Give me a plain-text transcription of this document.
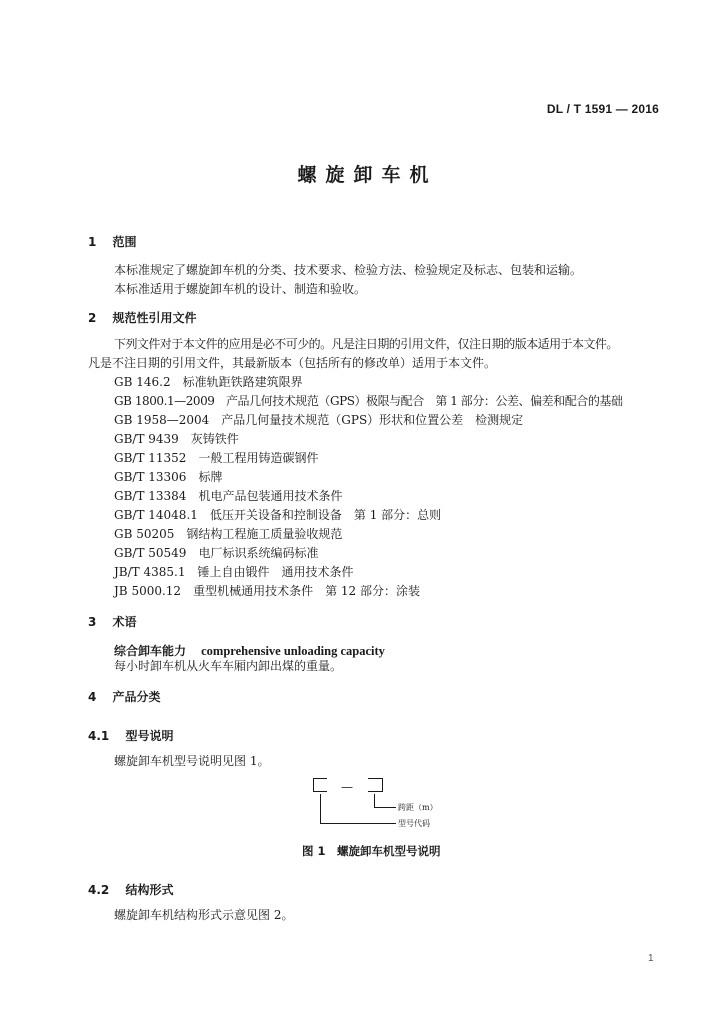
DL / T 1591 — 2016
螺旋卸车机
1 范围
本标准规定了螺旋卸车机的分类、技术要求、检验方法、检验规定及标志、包装和运输。
本标准适用于螺旋卸车机的设计、制造和验收。
2 规范性引用文件
下列文件对于本文件的应用是必不可少的。凡是注日期的引用文件，仅注日期的版本适用于本文件。
凡是不注日期的引用文件，其最新版本（包括所有的修改单）适用于本文件。
GB 146.2　标准轨距铁路建筑限界
GB 1800.1—2009　产品几何技术规范（GPS）极限与配合　第 1 部分：公差、偏差和配合的基础
GB 1958—2004　产品几何量技术规范（GPS）形状和位置公差　检测规定
GB/T 9439　灰铸铁件
GB/T 11352　一般工程用铸造碳钢件
GB/T 13306　标牌
GB/T 13384　机电产品包装通用技术条件
GB/T 14048.1　低压开关设备和控制设备　第 1 部分：总则
GB 50205　钢结构工程施工质量验收规范
GB/T 50549　电厂标识系统编码标准
JB/T 4385.1　锤上自由锻件　通用技术条件
JB 5000.12　重型机械通用技术条件　第 12 部分：涂装
3 术语
综合卸车能力 comprehensive unloading capacity
每小时卸车机从火车车厢内卸出煤的重量。
4 产品分类
4.1 型号说明
螺旋卸车机型号说明见图 1。
—
跨距（m）
型号代码
图 1　螺旋卸车机型号说明
4.2 结构形式
螺旋卸车机结构形式示意见图 2。
1
